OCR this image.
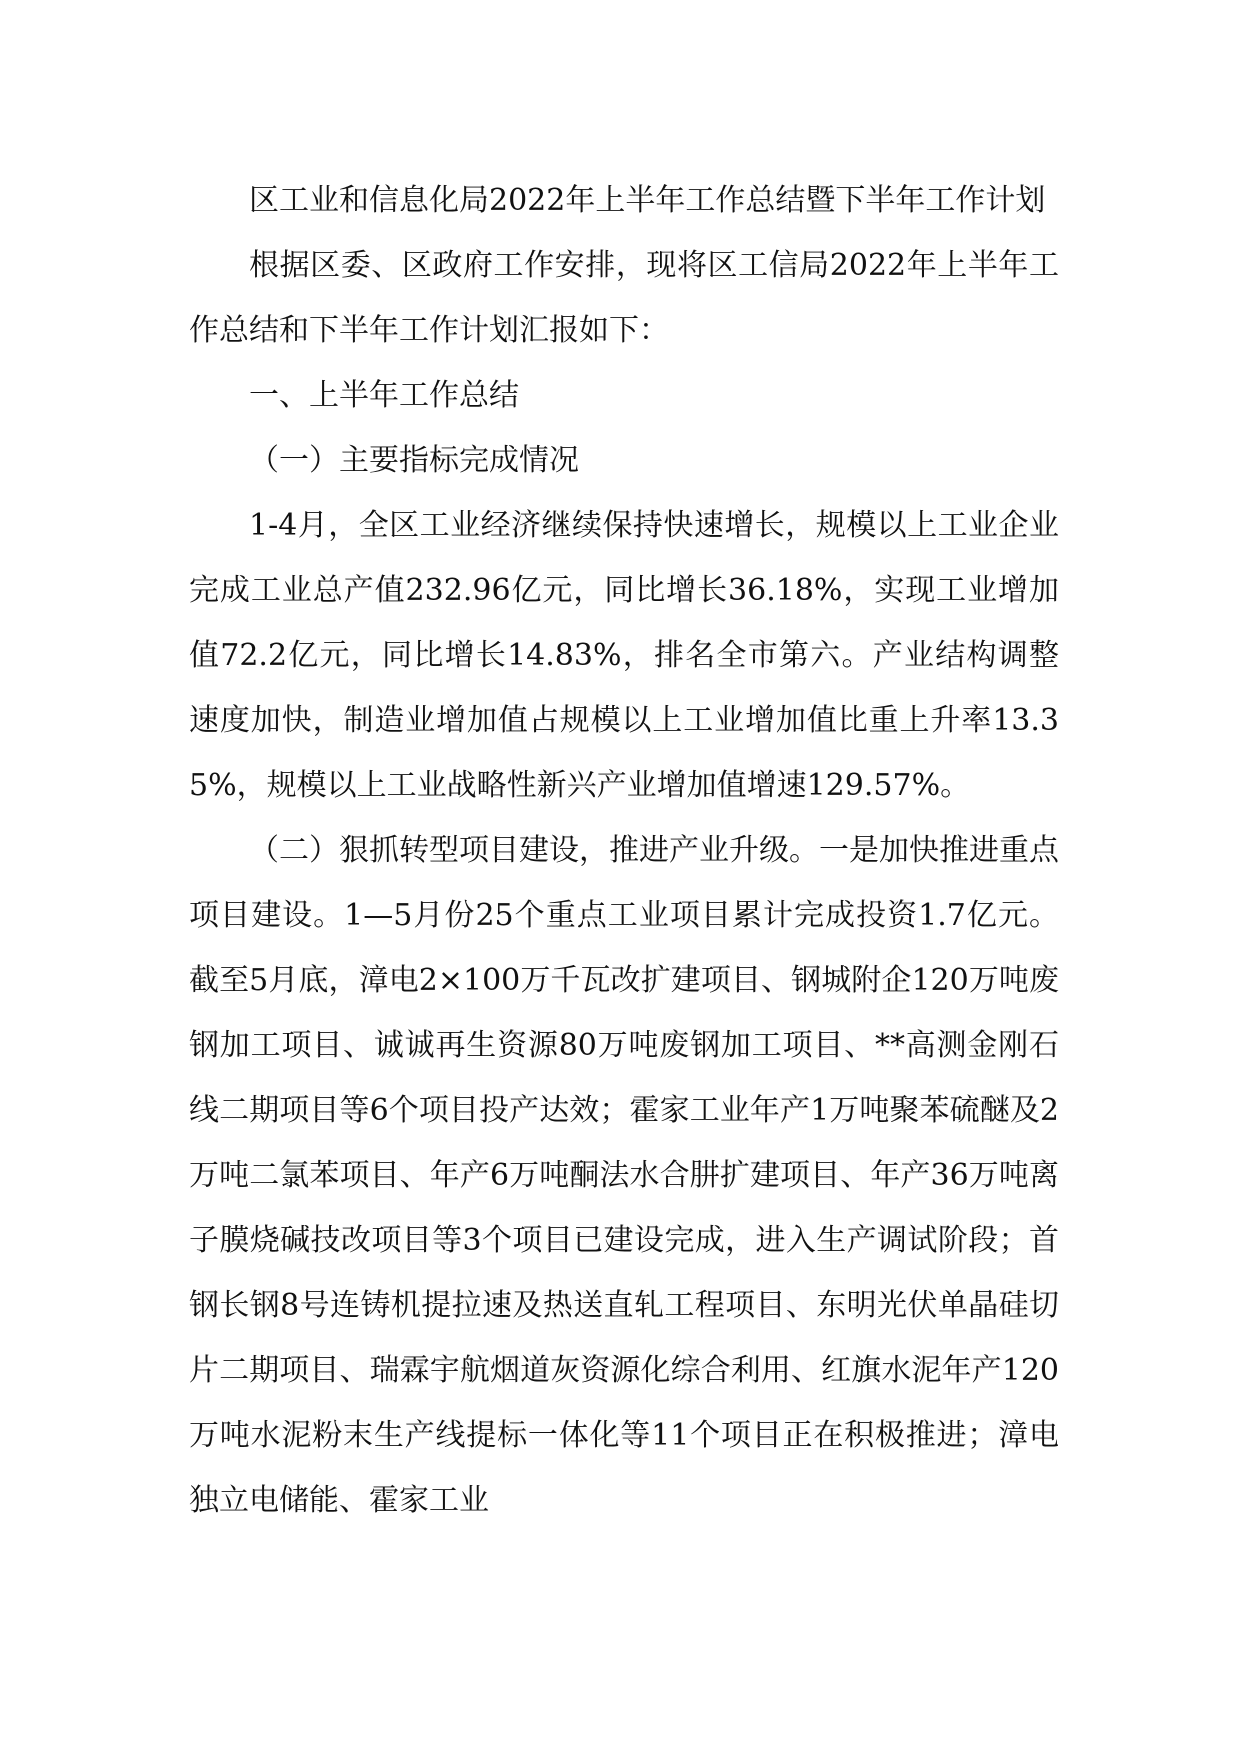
区工业和信息化局2022年上半年工作总结暨下半年工作计划

根据区委、区政府工作安排，现将区工信局2022年上半年工作总结和下半年工作计划汇报如下：

一、上半年工作总结

（一）主要指标完成情况

1-4月，全区工业经济继续保持快速增长，规模以上工业企业完成工业总产值232.96亿元，同比增长36.18%，实现工业增加值72.2亿元，同比增长14.83%，排名全市第六。产业结构调整速度加快，制造业增加值占规模以上工业增加值比重上升率13.35%，规模以上工业战略性新兴产业增加值增速129.57%。

（二）狠抓转型项目建设，推进产业升级。一是加快推进重点项目建设。1—5月份25个重点工业项目累计完成投资1.7亿元。截至5月底，漳电2×100万千瓦改扩建项目、钢城附企120万吨废钢加工项目、诚诚再生资源80万吨废钢加工项目、**高测金刚石线二期项目等6个项目投产达效；霍家工业年产1万吨聚苯硫醚及2万吨二氯苯项目、年产6万吨酮法水合肼扩建项目、年产36万吨离子膜烧碱技改项目等3个项目已建设完成，进入生产调试阶段；首钢长钢8号连铸机提拉速及热送直轧工程项目、东明光伏单晶硅切片二期项目、瑞霖宇航烟道灰资源化综合利用、红旗水泥年产120万吨水泥粉末生产线提标一体化等11个项目正在积极推进；漳电独立电储能、霍家工业
